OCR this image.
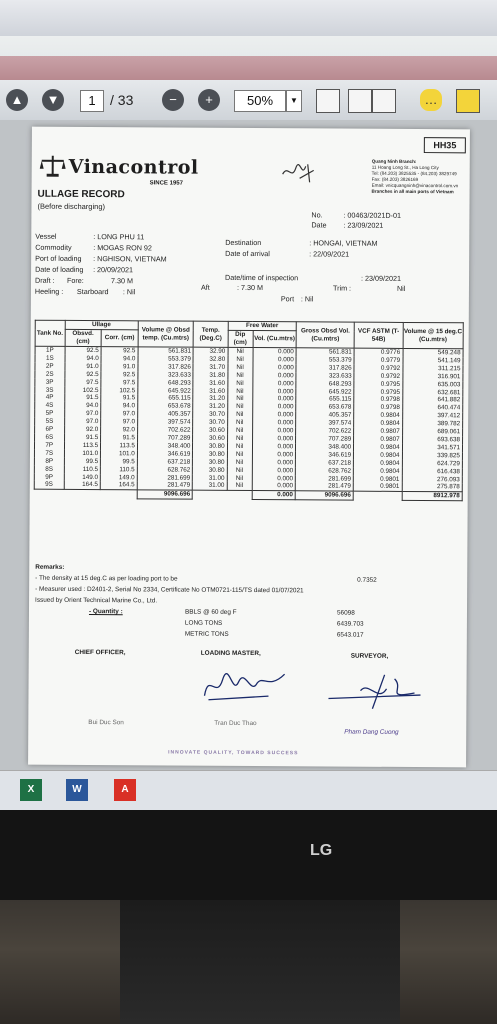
▲	▼	1	/ 33	−	+	50%	▼	…
HH35
Vinacontrol
SINCE 1957
Quang Ninh Branch:
11 Hoang Long St., Ha Long City
Tel: (84.203) 3825535 - (84.203) 3829749
Fax: (84.203) 3826169
Email: vnicquangninh@vinacontrol.com.vn
Branches in all main ports of Vietnam
ULLAGE RECORD
(Before discharging)
No.	: 00463/2021D-01
Date : 23/09/2021
Vessel	: LONG PHU 11
Commodity	: MOGAS RON 92
Port of loading : NGHISON, VIETNAM
Date of loading : 20/09/2021
Draft : Fore:	7.30 M
Heeling : Starboard : Nil
Destination	: HONGAI, VIETNAM
Date of arrival	: 22/09/2021
Date/time of inspection	: 23/09/2021
Aft	: 7.30 M	Trim :	Nil
Port : Nil
Tank No.	Ullage		Volume @ Obsd temp. (Cu.mtrs)	Temp. (Deg.C)	Free Water		Gross Obsd Vol. (Cu.mtrs)	VCF ASTM (T-54B)	Volume @ 15 deg.C (Cu.mtrs)
	Obsvd. (cm)	Corr. (cm)			Dip (cm)	Vol. (Cu.mtrs)			
1P	92.5	92.5	561.831	32.90	Nil	0.000	561.831	0.9776	549.248
1S	94.0	94.0	553.379	32.80	Nil	0.000	553.379	0.9779	541.149
2P	91.0	91.0	317.826	31.70	Nil	0.000	317.826	0.9792	311.215
2S	92.5	92.5	323.633	31.80	Nil	0.000	323.633	0.9792	316.901
3P	97.5	97.5	648.293	31.60	Nil	0.000	648.293	0.9795	635.003
3S	102.5	102.5	645.922	31.60	Nil	0.000	645.922	0.9795	632.681
4P	91.5	91.5	655.115	31.20	Nil	0.000	655.115	0.9798	641.882
4S	94.0	94.0	653.678	31.20	Nil	0.000	653.678	0.9798	640.474
5P	97.0	97.0	405.357	30.70	Nil	0.000	405.357	0.9804	397.412
5S	97.0	97.0	397.574	30.70	Nil	0.000	397.574	0.9804	389.782
6P	92.0	92.0	702.622	30.60	Nil	0.000	702.622	0.9807	689.061
6S	91.5	91.5	707.289	30.60	Nil	0.000	707.289	0.9807	693.638
7P	113.5	113.5	348.400	30.80	Nil	0.000	348.400	0.9804	341.571
7S	101.0	101.0	346.619	30.80	Nil	0.000	346.619	0.9804	339.825
8P	99.5	99.5	637.218	30.80	Nil	0.000	637.218	0.9804	624.729
8S	110.5	110.5	628.762	30.80	Nil	0.000	628.762	0.9804	616.438
9P	149.0	149.0	281.699	31.00	Nil	0.000	281.699	0.9801	276.093
9S	164.5	164.5	281.479	31.00	Nil	0.000	281.479	0.9801	275.878
			9096.696			0.000	9096.696		8912.978
Remarks:
- The density at 15 deg.C as per loading port to be	0.7352
- Measurer used : D2401-2, Serial No 2334, Certificate No OTM0721-115/TS dated 01/07/2021
Issued by Orient Technical Marine Co., Ltd.
- Quantity :	BBLS @ 60 deg F	56098
LONG TONS	6439.703
METRIC TONS	6543.017
CHIEF OFFICER,	LOADING MASTER,	SURVEYOR,
Bui Duc Son	Tran Duc Thao
Pham Dang Cuong
INNOVATE QUALITY, TOWARD SUCCESS
X	W	A
LG
